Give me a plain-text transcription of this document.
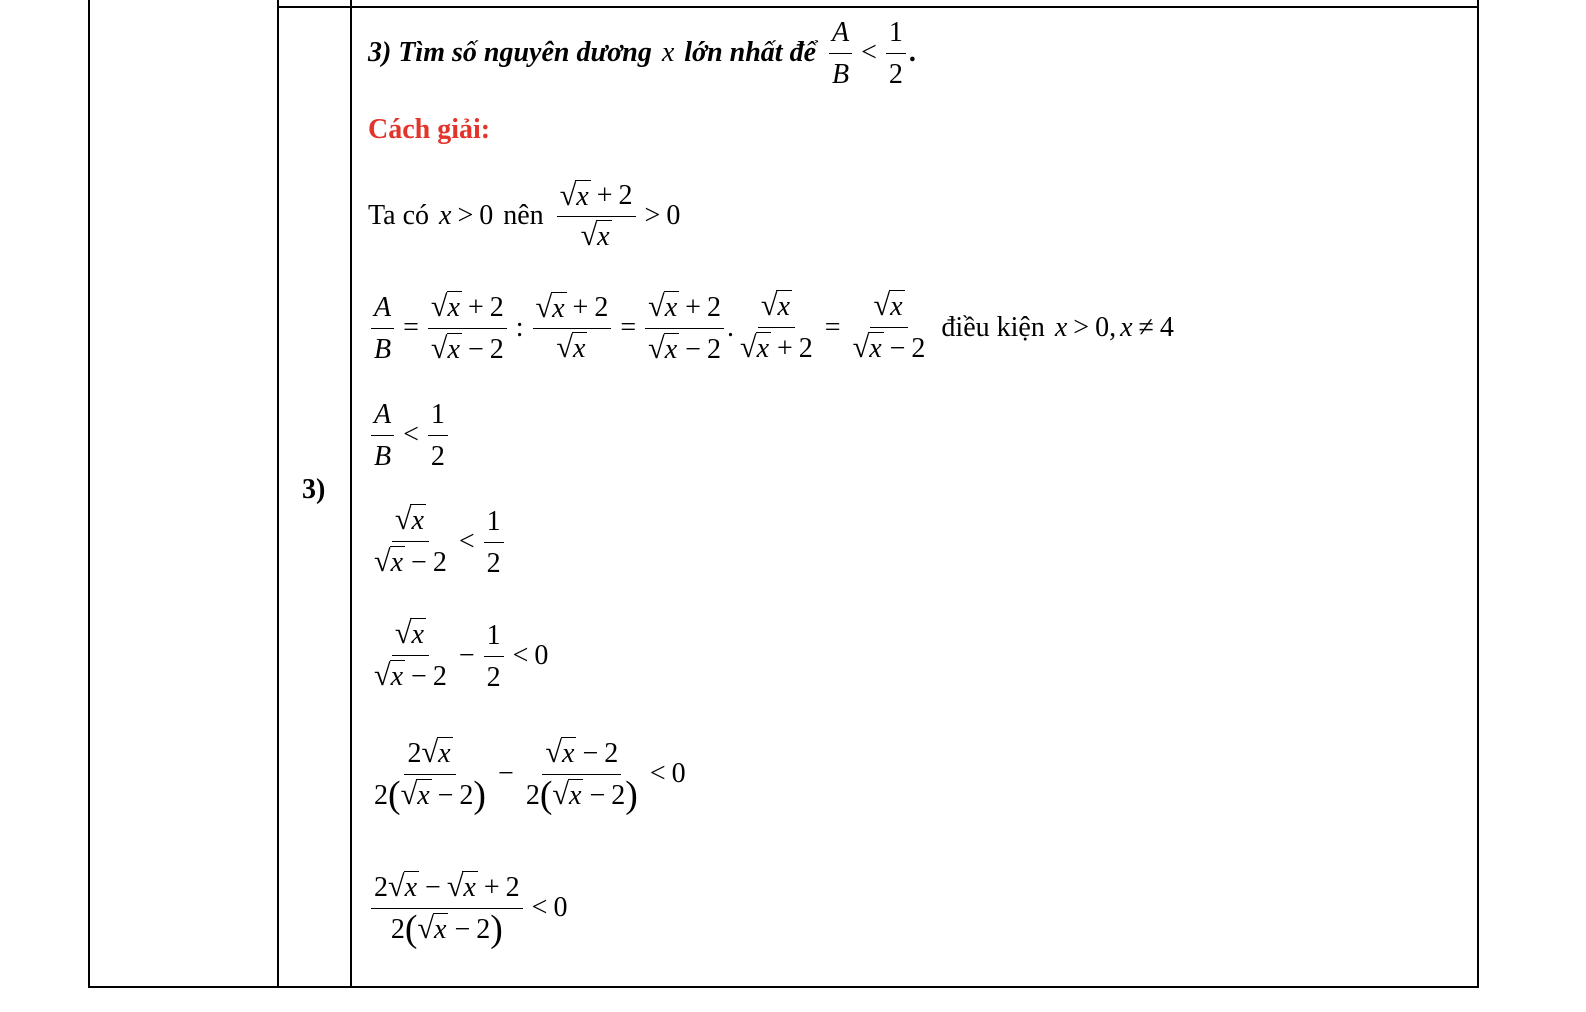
3)
3) Tìm số nguyên dương x lớn nhất để $\frac{A}{B} < \frac{1}{2}$ .
Cách giải:
Ta có x > 0 nên $\frac{√ x + 2}{√ x} > 0$
$\frac{A}{B} = \frac{√ x + 2}{√ x - 2}$ : $\frac{√ x + 2}{√ x} = \frac{√ x + 2}{√ x - 2}$ . $\frac{√ x}{√ x + 2} = \frac{√ x}{√ x - 2}$ điều kiện x > 0, x ≠ 4
$\frac{A}{B} < \frac{1}{2}$
$\frac{√ x}{√ x - 2} < \frac{1}{2}$
$\frac{√ x}{√ x - 2} - \frac{1}{2} < 0$
$\frac{2 √ x}{2 ( √ x - 2 )} - \frac{√ x - 2}{2 ( √ x - 2 )} < 0$
$\frac{2 √ x - √ x + 2}{2 ( √ x - 2 )} < 0$
